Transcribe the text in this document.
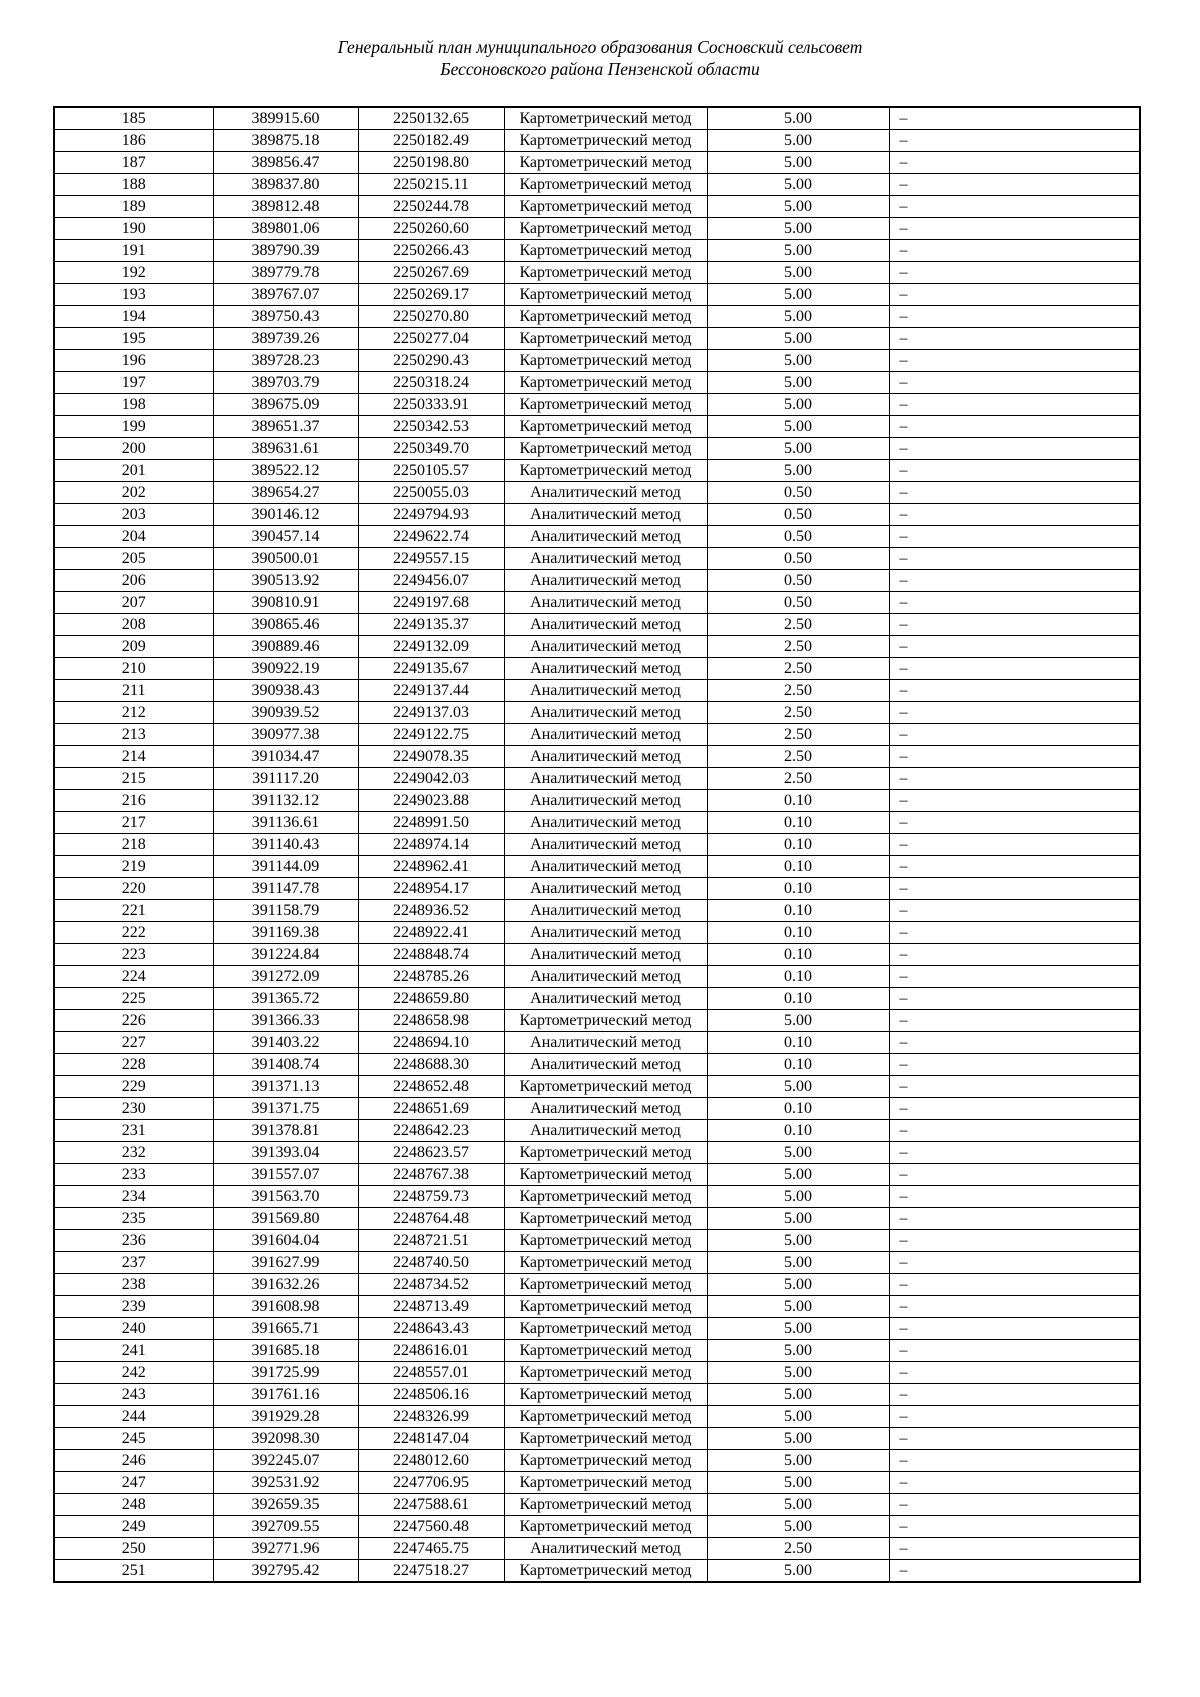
Генеральный план муниципального образования Сосновский сельсовет
Бессоновского района Пензенской области
185	389915.60	2250132.65	Картометрический метод	5.00	–
186	389875.18	2250182.49	Картометрический метод	5.00	–
187	389856.47	2250198.80	Картометрический метод	5.00	–
188	389837.80	2250215.11	Картометрический метод	5.00	–
189	389812.48	2250244.78	Картометрический метод	5.00	–
190	389801.06	2250260.60	Картометрический метод	5.00	–
191	389790.39	2250266.43	Картометрический метод	5.00	–
192	389779.78	2250267.69	Картометрический метод	5.00	–
193	389767.07	2250269.17	Картометрический метод	5.00	–
194	389750.43	2250270.80	Картометрический метод	5.00	–
195	389739.26	2250277.04	Картометрический метод	5.00	–
196	389728.23	2250290.43	Картометрический метод	5.00	–
197	389703.79	2250318.24	Картометрический метод	5.00	–
198	389675.09	2250333.91	Картометрический метод	5.00	–
199	389651.37	2250342.53	Картометрический метод	5.00	–
200	389631.61	2250349.70	Картометрический метод	5.00	–
201	389522.12	2250105.57	Картометрический метод	5.00	–
202	389654.27	2250055.03	Аналитический метод	0.50	–
203	390146.12	2249794.93	Аналитический метод	0.50	–
204	390457.14	2249622.74	Аналитический метод	0.50	–
205	390500.01	2249557.15	Аналитический метод	0.50	–
206	390513.92	2249456.07	Аналитический метод	0.50	–
207	390810.91	2249197.68	Аналитический метод	0.50	–
208	390865.46	2249135.37	Аналитический метод	2.50	–
209	390889.46	2249132.09	Аналитический метод	2.50	–
210	390922.19	2249135.67	Аналитический метод	2.50	–
211	390938.43	2249137.44	Аналитический метод	2.50	–
212	390939.52	2249137.03	Аналитический метод	2.50	–
213	390977.38	2249122.75	Аналитический метод	2.50	–
214	391034.47	2249078.35	Аналитический метод	2.50	–
215	391117.20	2249042.03	Аналитический метод	2.50	–
216	391132.12	2249023.88	Аналитический метод	0.10	–
217	391136.61	2248991.50	Аналитический метод	0.10	–
218	391140.43	2248974.14	Аналитический метод	0.10	–
219	391144.09	2248962.41	Аналитический метод	0.10	–
220	391147.78	2248954.17	Аналитический метод	0.10	–
221	391158.79	2248936.52	Аналитический метод	0.10	–
222	391169.38	2248922.41	Аналитический метод	0.10	–
223	391224.84	2248848.74	Аналитический метод	0.10	–
224	391272.09	2248785.26	Аналитический метод	0.10	–
225	391365.72	2248659.80	Аналитический метод	0.10	–
226	391366.33	2248658.98	Картометрический метод	5.00	–
227	391403.22	2248694.10	Аналитический метод	0.10	–
228	391408.74	2248688.30	Аналитический метод	0.10	–
229	391371.13	2248652.48	Картометрический метод	5.00	–
230	391371.75	2248651.69	Аналитический метод	0.10	–
231	391378.81	2248642.23	Аналитический метод	0.10	–
232	391393.04	2248623.57	Картометрический метод	5.00	–
233	391557.07	2248767.38	Картометрический метод	5.00	–
234	391563.70	2248759.73	Картометрический метод	5.00	–
235	391569.80	2248764.48	Картометрический метод	5.00	–
236	391604.04	2248721.51	Картометрический метод	5.00	–
237	391627.99	2248740.50	Картометрический метод	5.00	–
238	391632.26	2248734.52	Картометрический метод	5.00	–
239	391608.98	2248713.49	Картометрический метод	5.00	–
240	391665.71	2248643.43	Картометрический метод	5.00	–
241	391685.18	2248616.01	Картометрический метод	5.00	–
242	391725.99	2248557.01	Картометрический метод	5.00	–
243	391761.16	2248506.16	Картометрический метод	5.00	–
244	391929.28	2248326.99	Картометрический метод	5.00	–
245	392098.30	2248147.04	Картометрический метод	5.00	–
246	392245.07	2248012.60	Картометрический метод	5.00	–
247	392531.92	2247706.95	Картометрический метод	5.00	–
248	392659.35	2247588.61	Картометрический метод	5.00	–
249	392709.55	2247560.48	Картометрический метод	5.00	–
250	392771.96	2247465.75	Аналитический метод	2.50	–
251	392795.42	2247518.27	Картометрический метод	5.00	–
